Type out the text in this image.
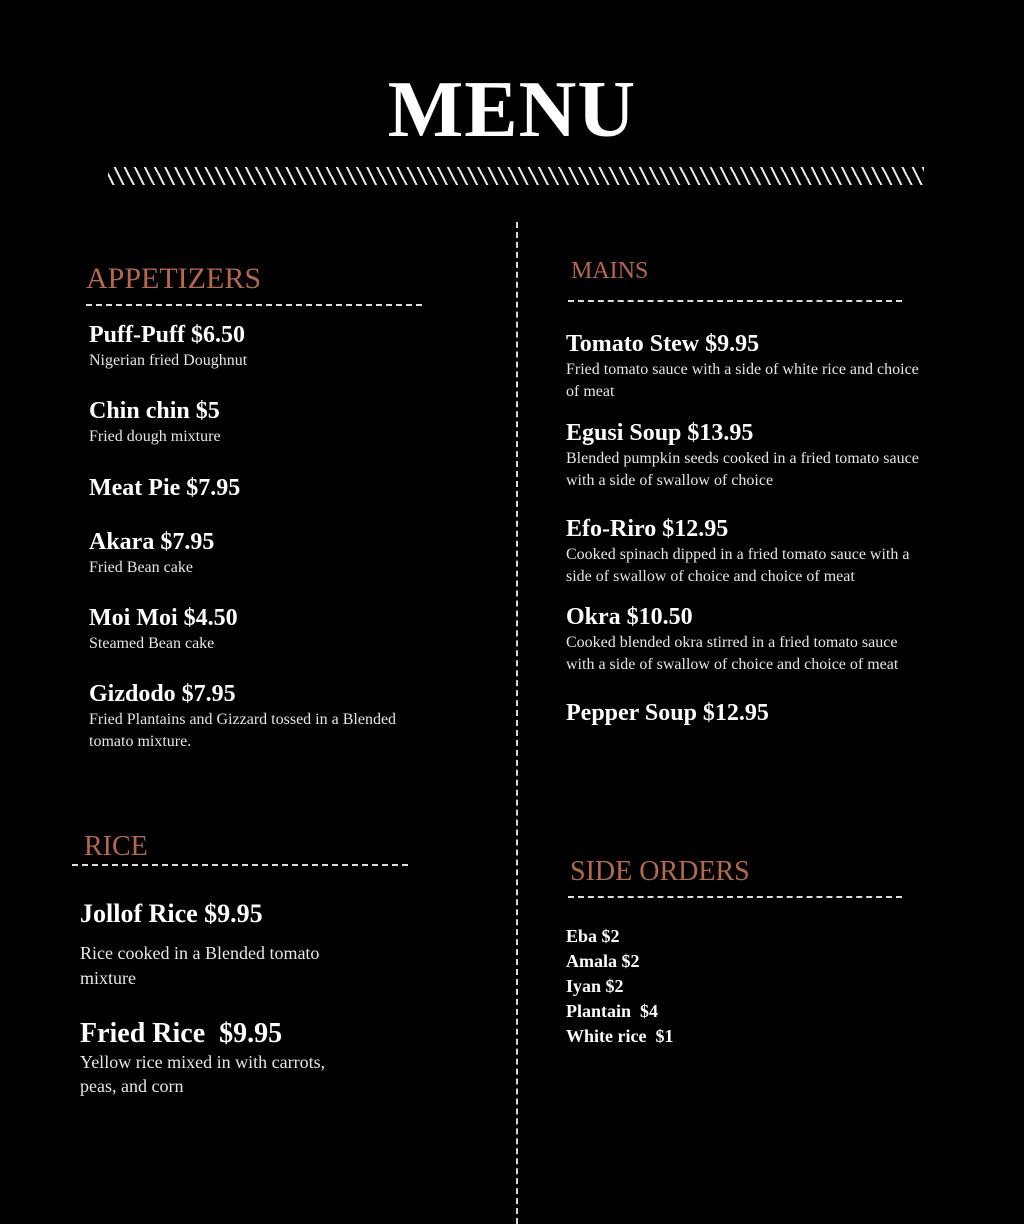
MENU
APPETIZERS
Puff-Puff $6.50
Nigerian fried Doughnut
Chin chin $5
Fried dough mixture
Meat Pie $7.95
Akara $7.95
Fried Bean cake
Moi Moi $4.50
Steamed Bean cake
Gizdodo $7.95
Fried Plantains and Gizzard tossed in a Blended tomato mixture.
RICE
Jollof Rice $9.95
Rice cooked in a Blended tomato mixture
Fried Rice  $9.95
Yellow rice mixed in with carrots, peas, and corn
MAINS
Tomato Stew $9.95
Fried tomato sauce with a side of white rice and choice of meat
Egusi Soup $13.95
Blended pumpkin seeds cooked in a fried tomato sauce with a side of swallow of choice
Efo-Riro $12.95
Cooked spinach dipped in a fried tomato sauce with a side of swallow of choice and choice of meat
Okra $10.50
Cooked blended okra stirred in a fried tomato sauce with a side of swallow of choice and choice of meat
Pepper Soup $12.95
SIDE ORDERS
Eba $2
Amala $2
Iyan $2
Plantain  $4
White rice  $1
